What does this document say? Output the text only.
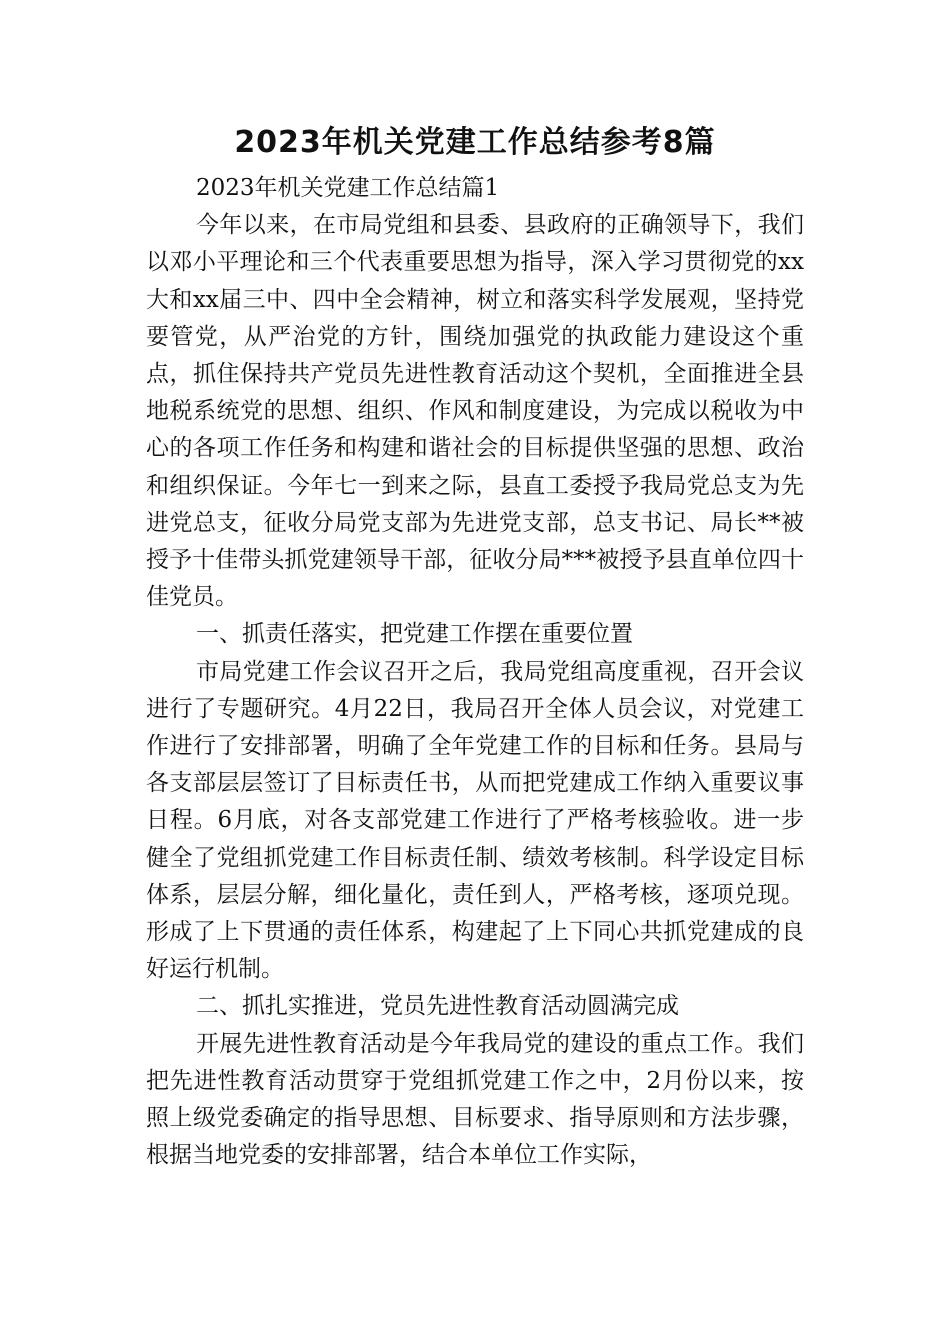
2023年机关党建工作总结参考8篇

2023年机关党建工作总结篇1

今年以来，在市局党组和县委、县政府的正确领导下，我们以邓小平理论和三个代表重要思想为指导，深入学习贯彻党的xx大和xx届三中、四中全会精神，树立和落实科学发展观，坚持党要管党，从严治党的方针，围绕加强党的执政能力建设这个重点，抓住保持共产党员先进性教育活动这个契机，全面推进全县地税系统党的思想、组织、作风和制度建设，为完成以税收为中心的各项工作任务和构建和谐社会的目标提供坚强的思想、政治和组织保证。今年七一到来之际，县直工委授予我局党总支为先进党总支，征收分局党支部为先进党支部，总支书记、局长**被授予十佳带头抓党建领导干部，征收分局***被授予县直单位四十佳党员。

一、抓责任落实，把党建工作摆在重要位置

市局党建工作会议召开之后，我局党组高度重视，召开会议进行了专题研究。4月22日，我局召开全体人员会议，对党建工作进行了安排部署，明确了全年党建工作的目标和任务。县局与各支部层层签订了目标责任书，从而把党建成工作纳入重要议事日程。6月底，对各支部党建工作进行了严格考核验收。进一步健全了党组抓党建工作目标责任制、绩效考核制。科学设定目标体系，层层分解，细化量化，责任到人，严格考核，逐项兑现。形成了上下贯通的责任体系，构建起了上下同心共抓党建成的良好运行机制。

二、抓扎实推进，党员先进性教育活动圆满完成

开展先进性教育活动是今年我局党的建设的重点工作。我们把先进性教育活动贯穿于党组抓党建工作之中，2月份以来，按照上级党委确定的指导思想、目标要求、指导原则和方法步骤，根据当地党委的安排部署，结合本单位工作实际，
